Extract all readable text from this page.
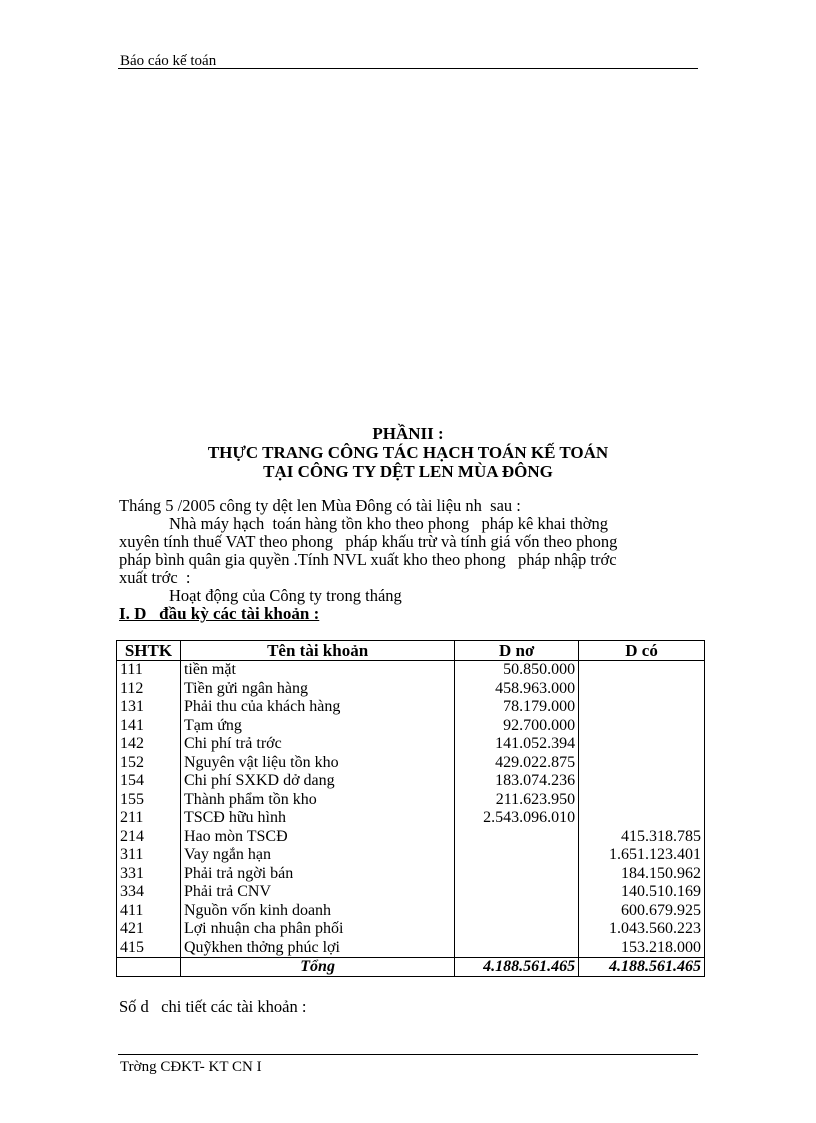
Báo cáo kế toán
PHẦNII :
THỰC TRANG CÔNG TÁC HẠCH TOÁN KẾ TOÁN
TẠI CÔNG TY DỆT LEN MÙA ĐÔNG
Tháng 5 /2005 công ty dệt len Mùa Đông có tài liệu nh  sau :
Nhà máy hạch  toán hàng tồn kho theo phong   pháp kê khai thờng
xuyên tính thuế VAT theo phong   pháp khấu trừ và tính giá vốn theo phong
pháp bình quân gia quyền .Tính NVL xuất kho theo phong   pháp nhập trớc
xuất trớc  :
Hoạt động của Công ty trong tháng
I. D   đầu kỳ các tài khoản :
SHTK	Tên tài khoản	D nơ	D có
111	tiền mặt	50.850.000	
112	Tiền gửi ngân hàng	458.963.000	
131	Phải thu của khách hàng	78.179.000	
141	Tạm ứng	92.700.000	
142	Chi phí trả trớc	141.052.394	
152	Nguyên vật liệu tồn kho	429.022.875	
154	Chi phí SXKD dở dang	183.074.236	
155	Thành phẩm tồn kho	211.623.950	
211	TSCĐ hữu hình	2.543.096.010	
214	Hao mòn TSCĐ		415.318.785
311	Vay ngắn hạn		1.651.123.401
331	Phải trả ngời bán		184.150.962
334	Phải trả CNV		140.510.169
411	Nguồn vốn kinh doanh		600.679.925
421	Lợi nhuận cha phân phối		1.043.560.223
415	Quỹkhen thởng phúc lợi		153.218.000
	Tổng	4.188.561.465	4.188.561.465
Số d   chi tiết các tài khoản :
Trờng CĐKT- KT CN I
